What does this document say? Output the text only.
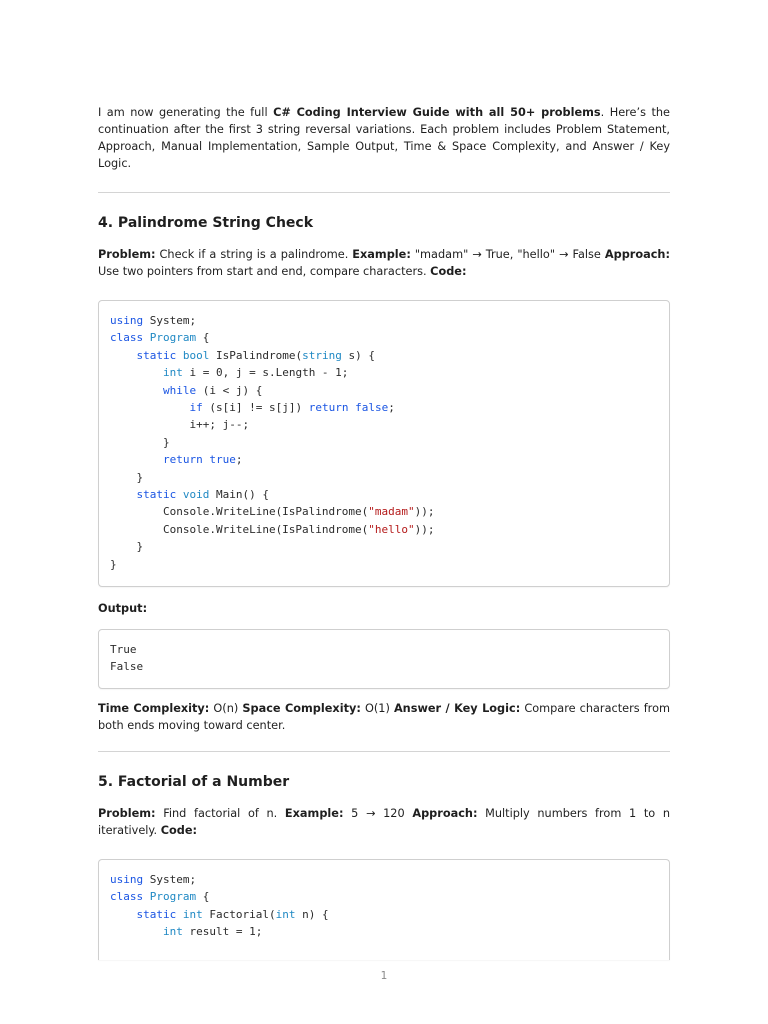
I am now generating the full C# Coding Interview Guide with all 50+ problems. Here’s the continuation after the first 3 string reversal variations. Each problem includes Problem Statement, Approach, Manual Implementation, Sample Output, Time & Space Complexity, and Answer / Key Logic.

4. Palindrome String Check

Problem: Check if a string is a palindrome. Example: "madam" → True, "hello" → False Approach: Use two pointers from start and end, compare characters. Code:

using System;
class Program {
static bool IsPalindrome(string s) {
int i = 0, j = s.Length - 1;
while (i < j) {
if (s[i] != s[j]) return false;
i++; j--;
}
return true;
}
static void Main() {
Console.WriteLine(IsPalindrome("madam"));
Console.WriteLine(IsPalindrome("hello"));
}
}

Output:

True
False

Time Complexity: O(n) Space Complexity: O(1) Answer / Key Logic: Compare characters from both ends moving toward center.

5. Factorial of a Number

Problem: Find factorial of n. Example: 5 → 120 Approach: Multiply numbers from 1 to n iteratively. Code:

using System;
class Program {
static int Factorial(int n) {
int result = 1;
1
